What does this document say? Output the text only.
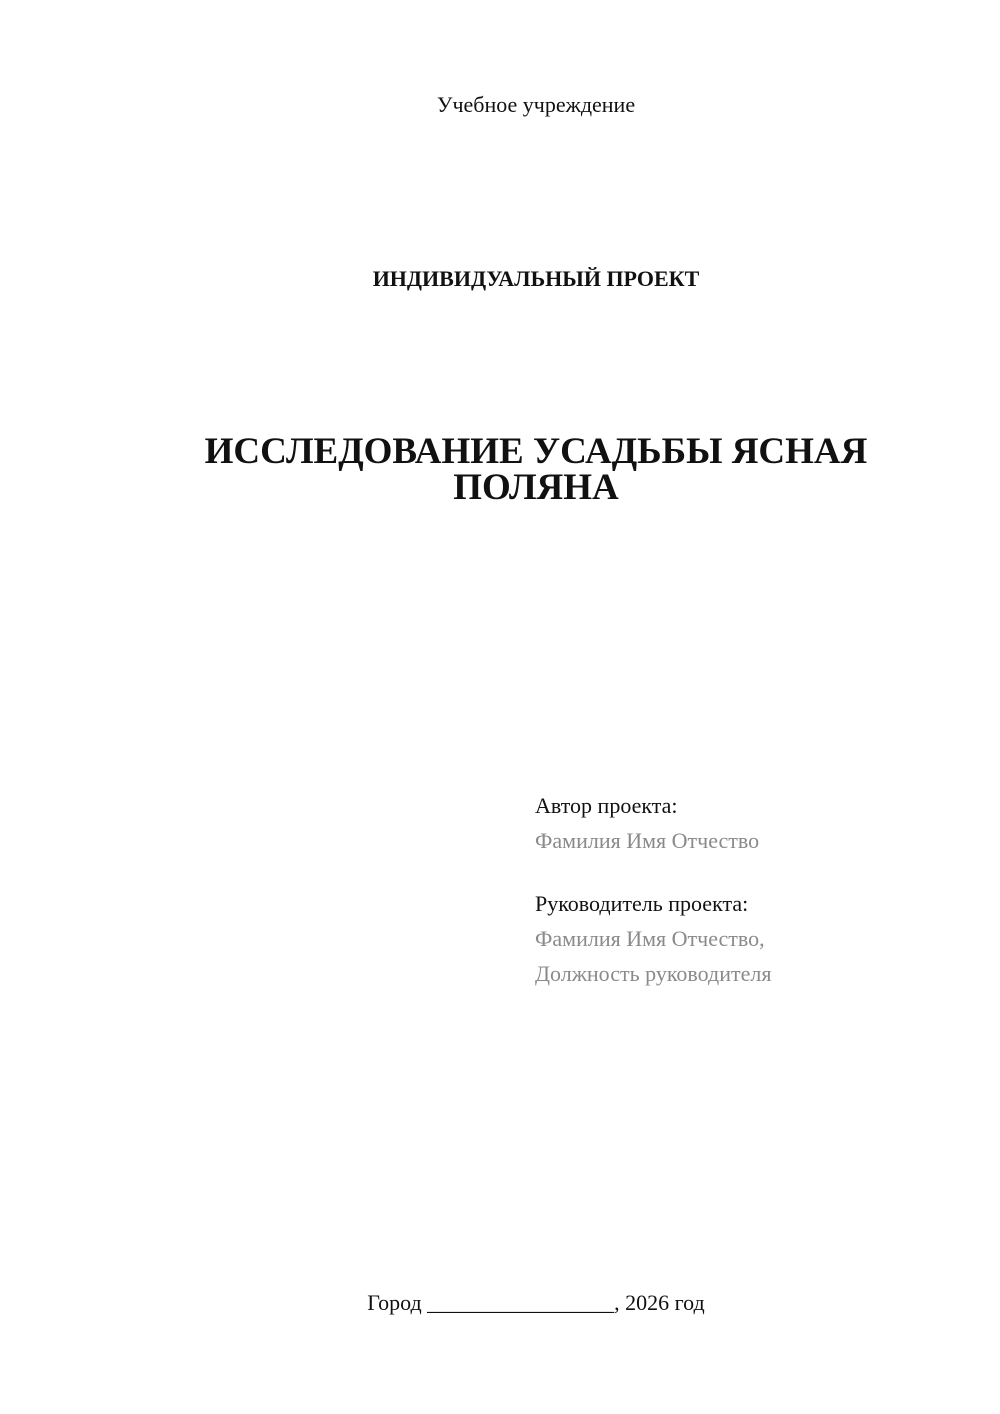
Учебное учреждение
ИНДИВИДУАЛЬНЫЙ ПРОЕКТ
ИССЛЕДОВАНИЕ УСАДЬБЫ ЯСНАЯ
ПОЛЯНА
Автор проекта:
Фамилия Имя Отчество
Руководитель проекта:
Фамилия Имя Отчество,
Должность руководителя
Город _________________, 2026 год
